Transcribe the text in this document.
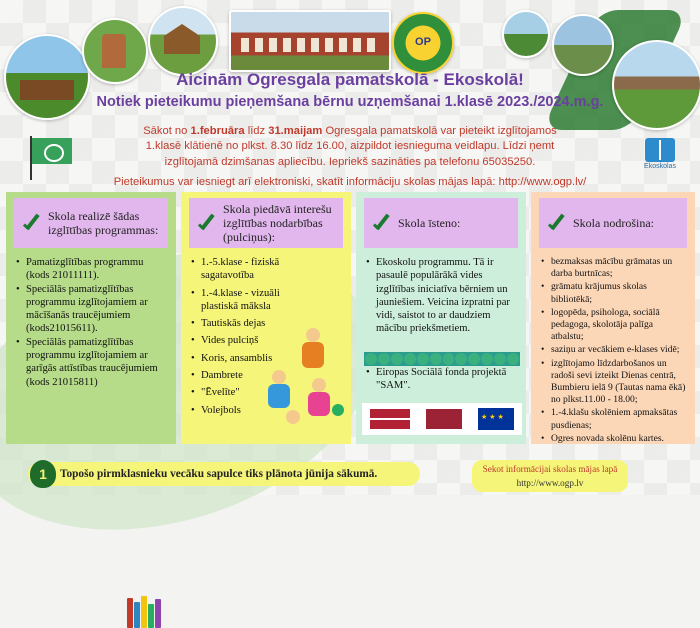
OP
Aicinām Ogresgala pamatskolā - Ekoskolā!
Notiek pieteikumu pieņemšana bērnu uzņemšanai 1.klasē 2023./2024.m.g.
Ekoskolas
Sākot no 1.februāra līdz 31.maijam Ogresgala pamatskolā var pieteikt izglītojamos 1.klasē klātienē no plkst. 8.30 līdz 16.00, aizpildot iesnieguma veidlapu. Līdzi ņemt izglītojamā dzimšanas apliecību. Iepriekš sazināties pa telefonu 65035250.
Pieteikumus var iesniegt arī elektroniski, skatīt informāciju skolas mājas lapā: http://www.ogp.lv/
Skola realizē šādas izglītības programmas:
• Pamatizglītības programmu (kods 21011111).
• Speciālās pamatizglītības programmu izglītojamiem ar mācīšanās traucējumiem (kods21015611).
• Speciālās pamatizglītības programmu izglītojamiem ar garīgās attīstības traucējumiem (kods 21015811)
Skola piedāvā interešu izglītības nodarbības (pulciņus):
• 1.-5.klase - fiziskā sagatavotība
• 1.-4.klase - vizuāli plastiskā māksla
• Tautiskās dejas
• Vides pulciņš
• Koris, ansamblis
• Dambrete
• "Ēvelīte"
• Volejbols
Skola īsteno:
• Ekoskolu programmu. Tā ir pasaulē populārākā vides izglītības iniciatīva bērniem un jauniešiem. Veicina izpratni par vidi, saistot to ar daudziem mācību priekšmetiem.
• Eiropas Sociālā fonda projektā "SAM".
★ ★ ★
Skola nodrošina:
• bezmaksas mācību grāmatas un darba burtnīcas;
• grāmatu krājumus skolas bibliotēkā;
• logopēda, psihologa, sociālā pedagoga, skolotāja palīga atbalstu;
• saziņu ar vecākiem e-klases vidē;
• izglītojamo līdzdarbošanos un radoši sevi izteikt Dienas centrā, Bumbieru ielā 9 (Tautas nama ēkā) no plkst.11.00 - 18.00;
• 1.-4.klašu skolēniem apmaksātas pusdienas;
• Ogres novada skolēnu kartes.
Topošo pirmklasnieku vecāku sapulce tiks plānota jūnija sākumā.
1	Sekot informācijai skolas mājas lapā
http://www.ogp.lv
